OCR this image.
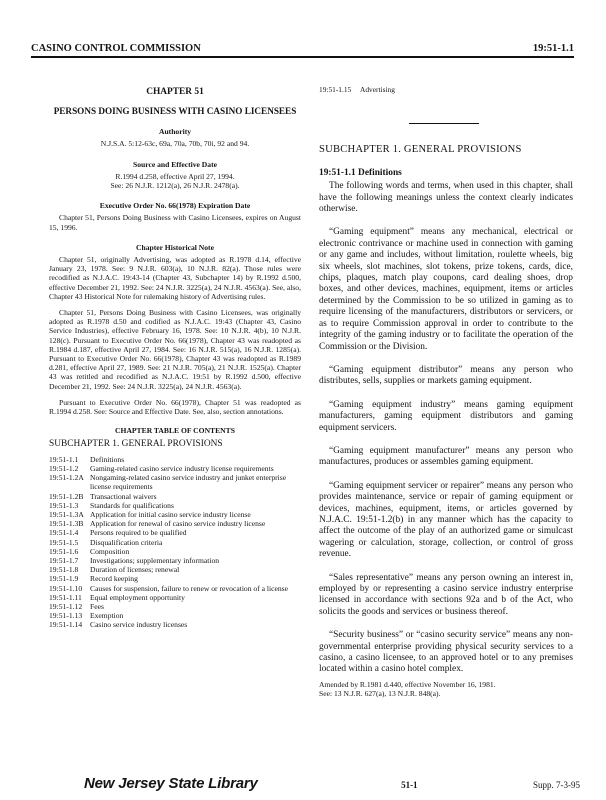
CASINO CONTROL COMMISSION	19:51-1.1
CHAPTER 51
PERSONS DOING BUSINESS WITH CASINO LICENSEES
Authority
N.J.S.A. 5:12-63c, 69a, 70a, 70b, 70i, 92 and 94.
Source and Effective Date
R.1994 d.258, effective April 27, 1994.
See: 26 N.J.R. 1212(a), 26 N.J.R. 2478(a).
Executive Order No. 66(1978) Expiration Date

Chapter 51, Persons Doing Business with Casino Licensees, expires on August 15, 1996.

Chapter Historical Note

Chapter 51, originally Advertising, was adopted as R.1978 d.14, effective January 23, 1978. See: 9 N.J.R. 603(a), 10 N.J.R. 82(a). Those rules were recodified as N.J.A.C. 19:43-14 (Chapter 43, Subchapter 14) by R.1992 d.500, effective December 21, 1992. See: 24 N.J.R. 3225(a), 24 N.J.R. 4563(a). See, also, Chapter 43 Historical Note for rulemaking history of Advertising rules.

Chapter 51, Persons Doing Business with Casino Licensees, was originally adopted as R.1978 d.50 and codified as N.J.A.C. 19:43 (Chapter 43, Casino Service Industries), effective February 16, 1978. See: 10 N.J.R. 4(b), 10 N.J.R. 128(c). Pursuant to Executive Order No. 66(1978), Chapter 43 was readopted as R.1984 d.187, effective April 27, 1984. See: 16 N.J.R. 515(a), 16 N.J.R. 1285(a). Pursuant to Executive Order No. 66(1978), Chapter 43 was readopted as R.1989 d.281, effective April 27, 1989. See: 21 N.J.R. 705(a), 21 N.J.R. 1525(a). Chapter 43 was retitled and recodified as N.J.A.C. 19:51 by R.1992 d.500, effective December 21, 1992. See: 24 N.J.R. 3225(a), 24 N.J.R. 4563(a).

Pursuant to Executive Order No. 66(1978), Chapter 51 was readopted as R.1994 d.258. See: Source and Effective Date. See, also, section annotations.

CHAPTER TABLE OF CONTENTS
SUBCHAPTER 1. GENERAL PROVISIONS
19:51-1.1	Definitions
19:51-1.2	Gaming-related casino service industry license requirements
19:51-1.2A Nongaming-related casino service industry and junket enterprise license requirements
19:51-1.2B Transactional waivers
19:51-1.3	Standards for qualifications
19:51-1.3A Application for initial casino service industry license
19:51-1.3B Application for renewal of casino service industry license
19:51-1.4	Persons required to be qualified
19:51-1.5	Disqualification criteria
19:51-1.6	Composition
19:51-1.7	Investigations; supplementary information
19:51-1.8	Duration of licenses; renewal
19:51-1.9	Record keeping
19:51-1.10	Causes for suspension, failure to renew or revocation of a license
19:51-1.11	Equal employment opportunity
19:51-1.12	Fees
19:51-1.13	Exemption
19:51-1.14	Casino service industry licenses
19:51-1.15	Advertising
SUBCHAPTER 1. GENERAL PROVISIONS
19:51-1.1 Definitions

The following words and terms, when used in this chapter, shall have the following meanings unless the context clearly indicates otherwise.

“Gaming equipment” means any mechanical, electrical or electronic contrivance or machine used in connection with gaming or any game and includes, without limitation, roulette wheels, big six wheels, slot machines, slot tokens, prize tokens, cards, dice, chips, plaques, match play coupons, card dealing shoes, drop boxes, and other devices, machines, equipment, items or articles determined by the Commission to be so utilized in gaming as to require licensing of the manufacturers, distributors or servicers, or as to require Commission approval in order to contribute to the integrity of the gaming industry or to facilitate the operation of the Commission or the Division.

“Gaming equipment distributor” means any person who distributes, sells, supplies or markets gaming equipment.

“Gaming equipment industry” means gaming equipment manufacturers, gaming equipment distributors and gaming equipment servicers.

“Gaming equipment manufacturer” means any person who manufactures, produces or assembles gaming equipment.

“Gaming equipment servicer or repairer” means any person who provides maintenance, service or repair of gaming equipment or devices, machines, equipment, items, or articles governed by N.J.A.C. 19:51-1.2(b) in any manner which has the capacity to affect the outcome of the play of an authorized game or simulcast wagering or calculation, storage, collection, or control of gross revenue.

“Sales representative” means any person owning an interest in, employed by or representing a casino service industry enterprise licensed in accordance with sections 92a and b of the Act, who solicits the goods and services or business thereof.

“Security business” or “casino security service” means any non-governmental enterprise providing physical security services to a casino, a casino licensee, to an approved hotel or to any premises located within a casino hotel complex.

Amended by R.1981 d.440, effective November 16, 1981.
See: 13 N.J.R. 627(a), 13 N.J.R. 848(a).
New Jersey State Library	51-1	Supp. 7-3-95
